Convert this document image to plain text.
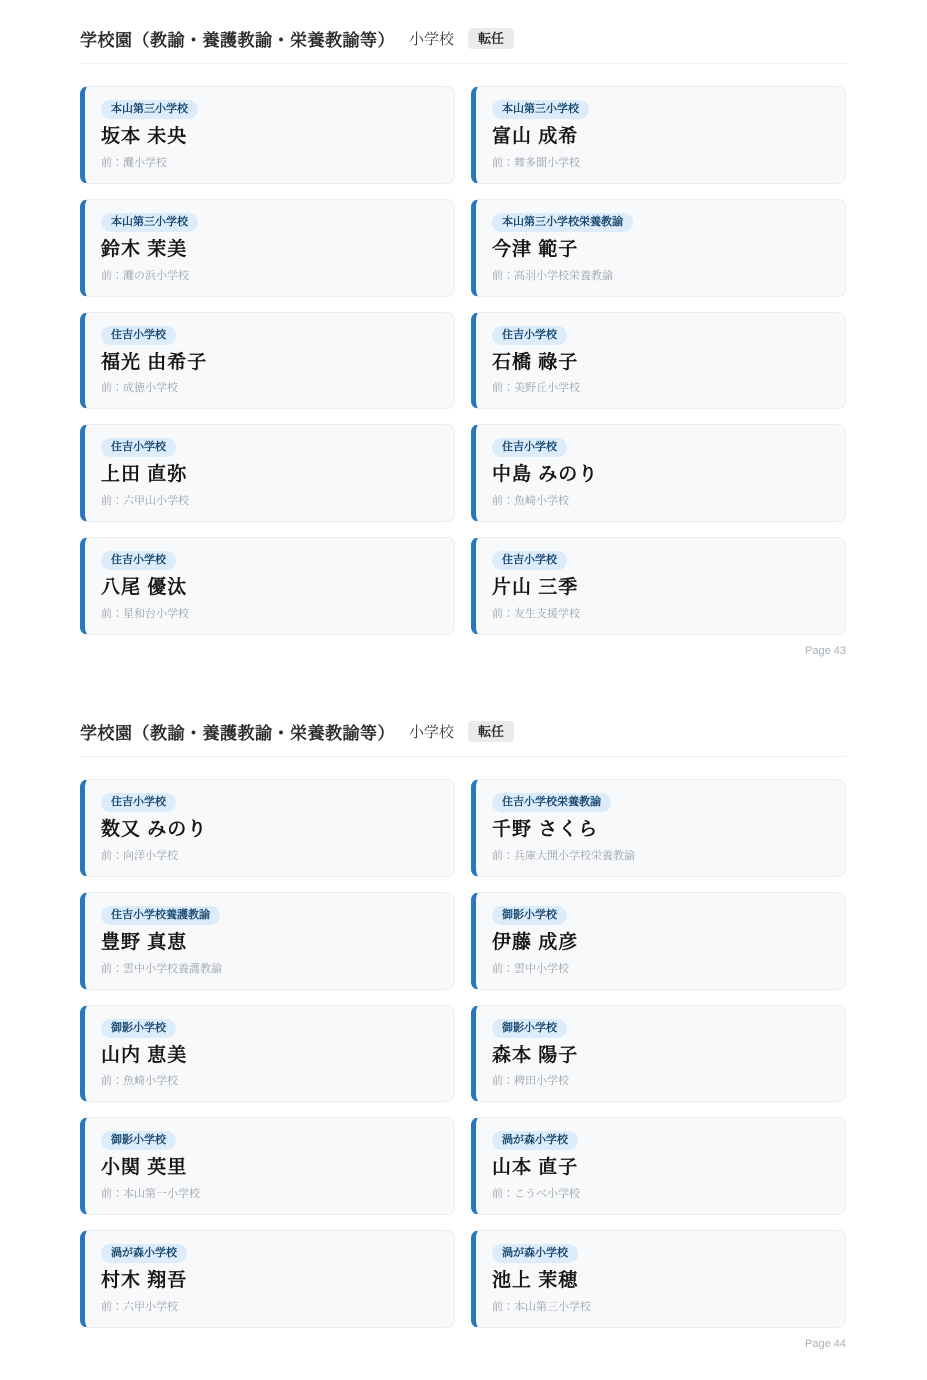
学校園（教諭・養護教諭・栄養教諭等） 小学校	転任
本山第三小学校
坂本 未央
前：灘小学校
本山第三小学校
富山 成希
前：舞多聞小学校
本山第三小学校
鈴木 茉美
前：灘の浜小学校
本山第三小学校栄養教諭
今津 範子
前：高羽小学校栄養教諭
住吉小学校
福光 由希子
前：成徳小学校
住吉小学校
石橋 祿子
前：美野丘小学校
住吉小学校
上田 直弥
前：六甲山小学校
住吉小学校
中島 みのり
前：魚崎小学校
住吉小学校
八尾 優汰
前：星和台小学校
住吉小学校
片山 三季
前：友生支援学校
Page 43
学校園（教諭・養護教諭・栄養教諭等） 小学校	転任
住吉小学校
数又 みのり
前：向洋小学校
住吉小学校栄養教諭
千野 さくら
前：兵庫大開小学校栄養教諭
住吉小学校養護教諭
豊野 真恵
前：雲中小学校養護教諭
御影小学校
伊藤 成彦
前：雲中小学校
御影小学校
山内 恵美
前：魚崎小学校
御影小学校
森本 陽子
前：稗田小学校
御影小学校
小関 英里
前：本山第一小学校
渦が森小学校
山本 直子
前：こうべ小学校
渦が森小学校
村木 翔吾
前：六甲小学校
渦が森小学校
池上 茉穂
前：本山第三小学校
Page 44
